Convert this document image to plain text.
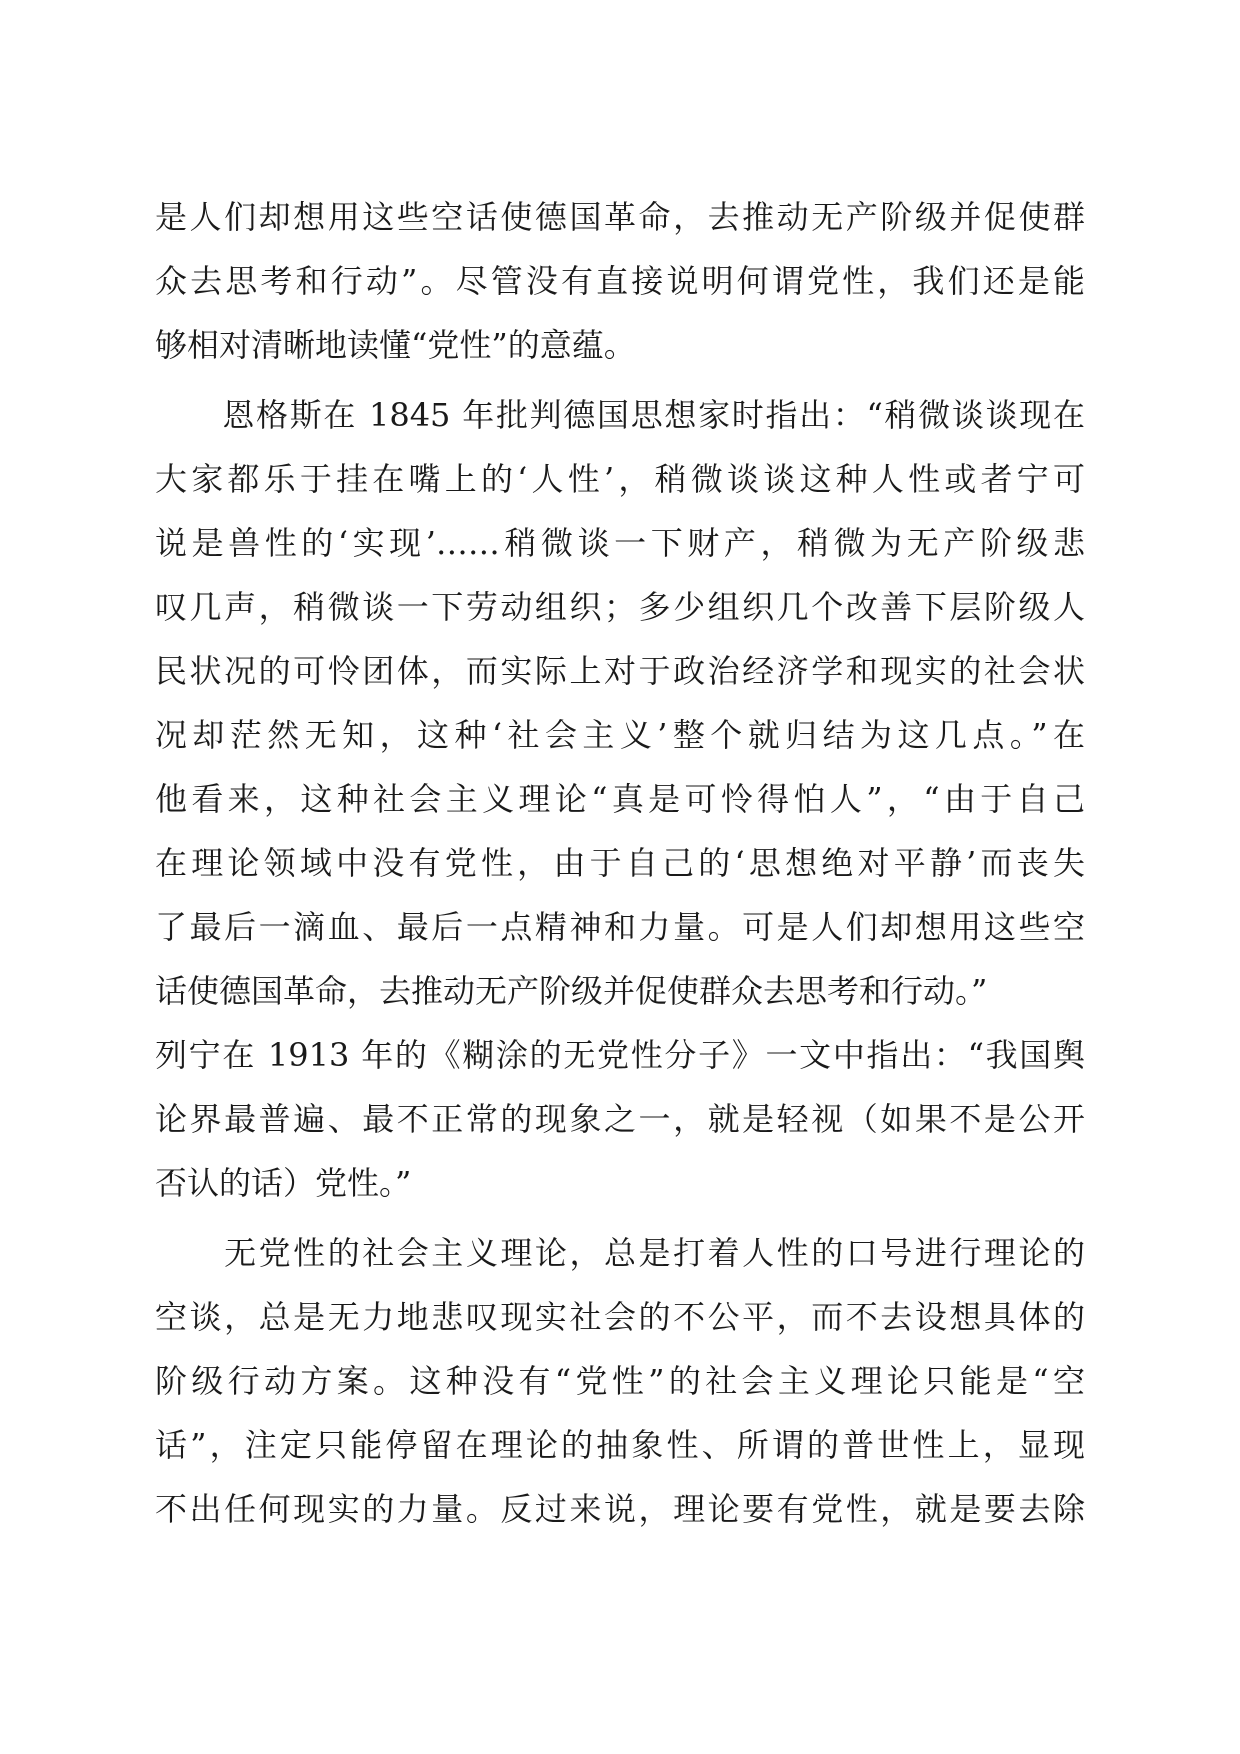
是人们却想用这些空话使德国革命，去推动无产阶级并促使群
众去思考和行动”。尽管没有直接说明何谓党性，我们还是能
够相对清晰地读懂“党性”的意蕴。
　　恩格斯在 1845 年批判德国思想家时指出：“稍微谈谈现在
大家都乐于挂在嘴上的‘人性’，稍微谈谈这种人性或者宁可
说是兽性的‘实现’……稍微谈一下财产，稍微为无产阶级悲
叹几声，稍微谈一下劳动组织；多少组织几个改善下层阶级人
民状况的可怜团体，而实际上对于政治经济学和现实的社会状
况却茫然无知，这种‘社会主义’整个就归结为这几点。”在
他看来，这种社会主义理论“真是可怜得怕人”，“由于自己
在理论领域中没有党性，由于自己的‘思想绝对平静’而丧失
了最后一滴血、最后一点精神和力量。可是人们却想用这些空
话使德国革命，去推动无产阶级并促使群众去思考和行动。”
列宁在 1913 年的《糊涂的无党性分子》一文中指出：“我国舆
论界最普遍、最不正常的现象之一，就是轻视（如果不是公开
否认的话）党性。”
　　无党性的社会主义理论，总是打着人性的口号进行理论的
空谈，总是无力地悲叹现实社会的不公平，而不去设想具体的
阶级行动方案。这种没有“党性”的社会主义理论只能是“空
话”，注定只能停留在理论的抽象性、所谓的普世性上，显现
不出任何现实的力量。反过来说，理论要有党性，就是要去除
